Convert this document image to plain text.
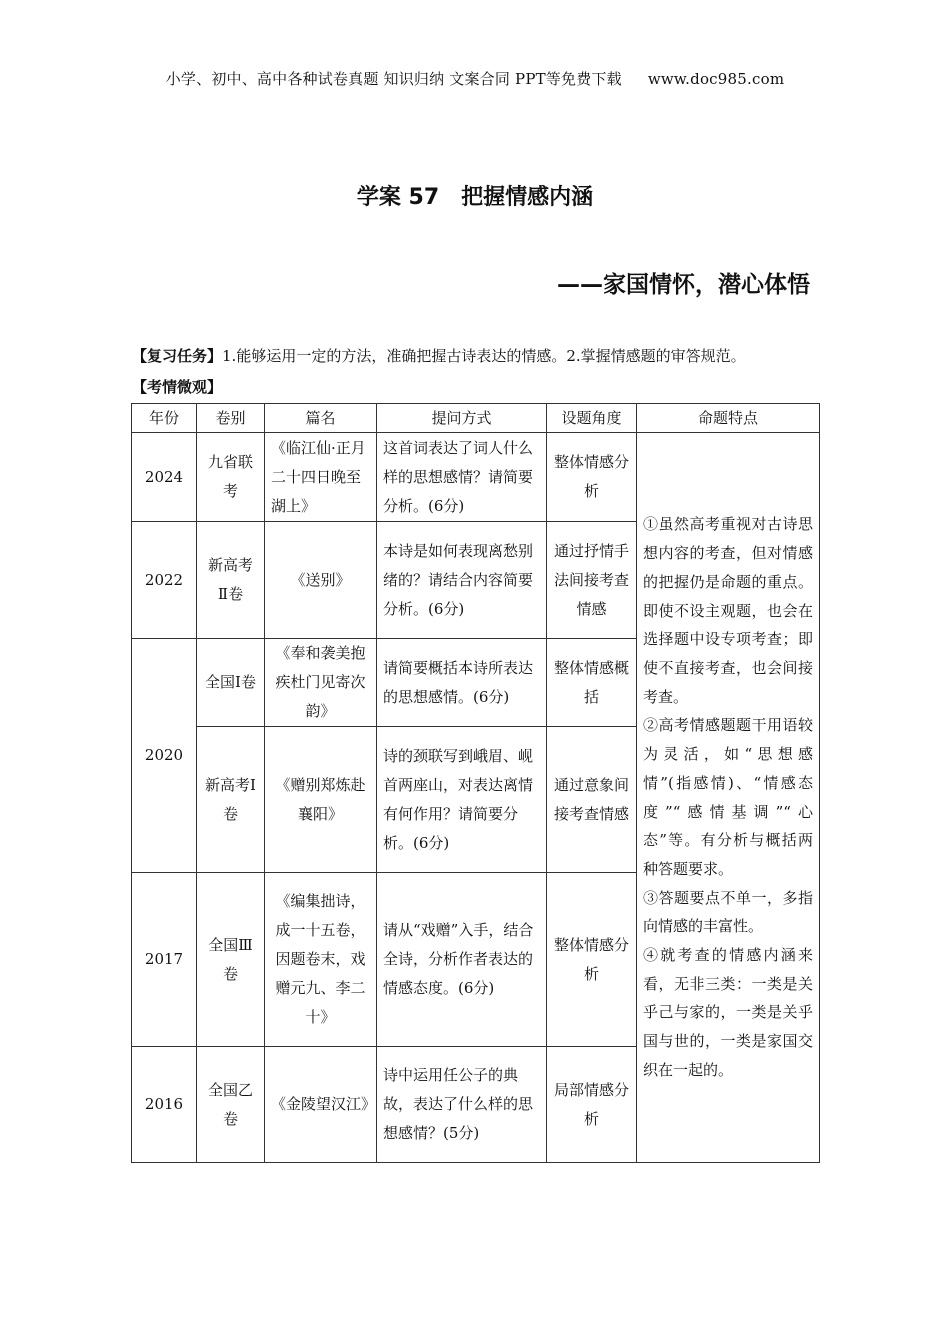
小学、初中、高中各种试卷真题 知识归纳 文案合同 PPT等免费下载 www.doc985.com
学案 57　把握情感内涵
——家国情怀，潜心体悟
【复习任务】1.能够运用一定的方法，准确把握古诗表达的情感。2.掌握情感题的审答规范。
【考情微观】
年份	卷别	篇名	提问方式	设题角度	命题特点
2024	九省联考	《临江仙·正月二十四日晚至湖上》	这首词表达了词人什么样的思想感情？请简要分析。(6分)	整体情感分析	①虽然高考重视对古诗思想内容的考查，但对情感的把握仍是命题的重点。即使不设主观题，也会在选择题中设专项考查；即使不直接考查，也会间接考查。

②高考情感题题干用语较为灵活，如“思想感情”(指感情)、“情感态度”“感情基调”“心态”等。有分析与概括两种答题要求。

③答题要点不单一，多指向情感的丰富性。

④就考查的情感内涵来看，无非三类：一类是关乎己与家的，一类是关乎国与世的，一类是家国交织在一起的。

2022	新高考Ⅱ卷	《送别》	本诗是如何表现离愁别绪的？请结合内容简要分析。(6分)	通过抒情手法间接考查情感	
2020	全国Ⅰ卷	《奉和袭美抱疾杜门见寄次韵》	请简要概括本诗所表达的思想感情。(6分)	整体情感概括	
	新高考Ⅰ卷	《赠别郑炼赴襄阳》	诗的颈联写到峨眉、岘首两座山，对表达离情有何作用？请简要分析。(6分)	通过意象间接考查情感	
2017	全国Ⅲ卷	《编集拙诗，成一十五卷，因题卷末，戏赠元九、李二十》	请从“戏赠”入手，结合全诗，分析作者表达的情感态度。(6分)	整体情感分析	
2016	全国乙卷	《金陵望汉江》	诗中运用任公子的典故，表达了什么样的思想感情？(5分)	局部情感分析	
